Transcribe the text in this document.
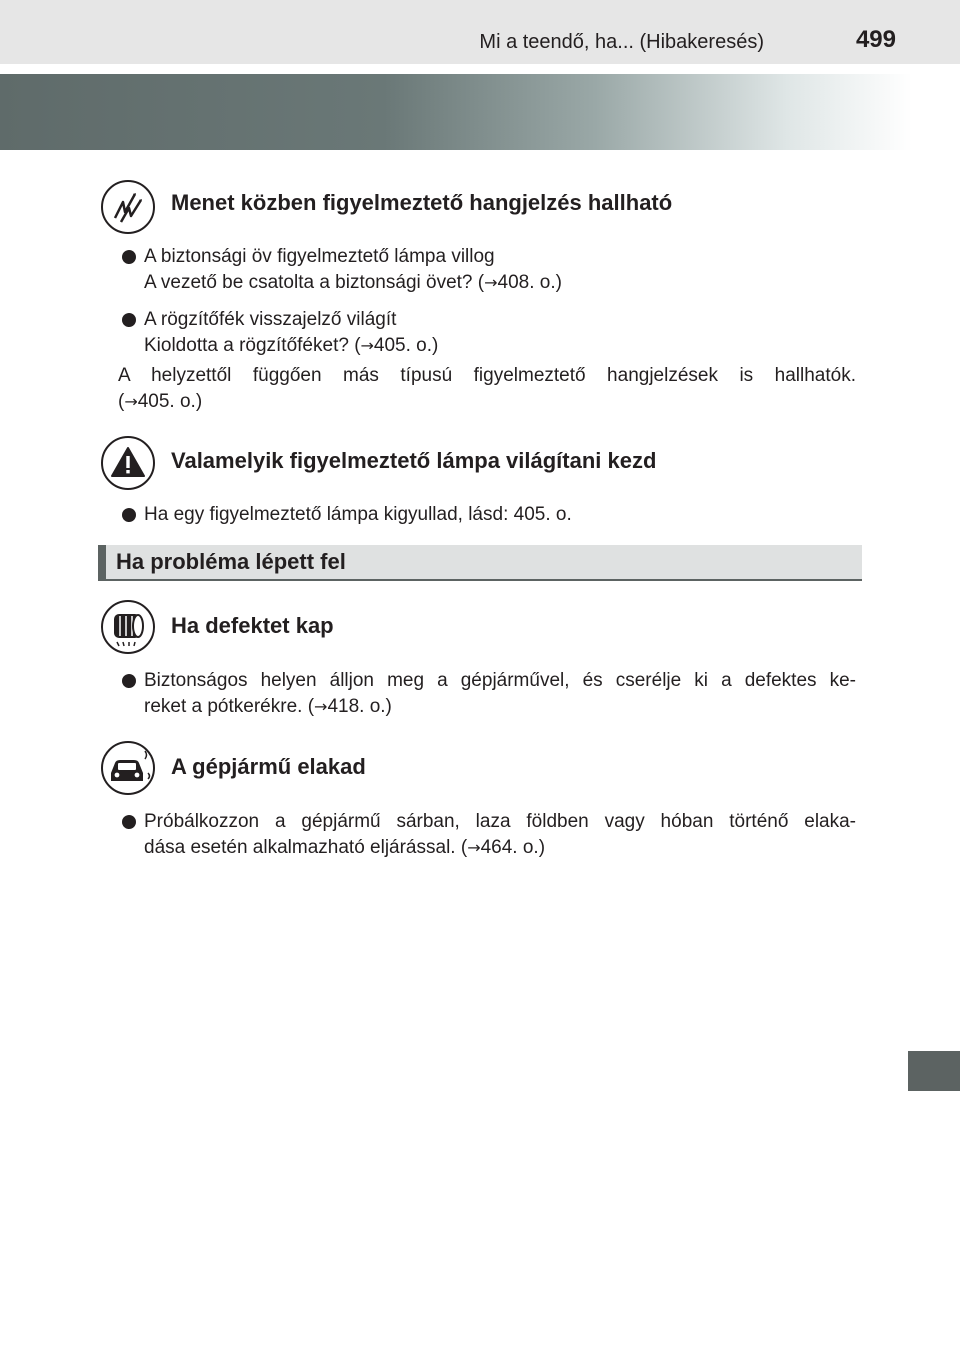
Mi a teendő, ha... (Hibakeresés)	499
Menet közben figyelmeztető hangjelzés hallható
A biztonsági öv figyelmeztető lámpa villog
A vezető be csatolta a biztonsági övet? (→408. o.)
A rögzítőfék visszajelző világít
Kioldotta a rögzítőféket? (→405. o.)
A helyzettől függően más típusú figyelmeztető hangjelzések is hallhatók.
(→405. o.)
Valamelyik figyelmeztető lámpa világítani kezd
Ha egy figyelmeztető lámpa kigyullad, lásd: 405. o.
Ha probléma lépett fel
Ha defektet kap
Biztonságos helyen álljon meg a gépjárművel, és cserélje ki a defektes ke-
reket a pótkerékre. (→418. o.)
A gépjármű elakad
Próbálkozzon a gépjármű sárban, laza földben vagy hóban történő elaka-
dása esetén alkalmazható eljárással. (→464. o.)
